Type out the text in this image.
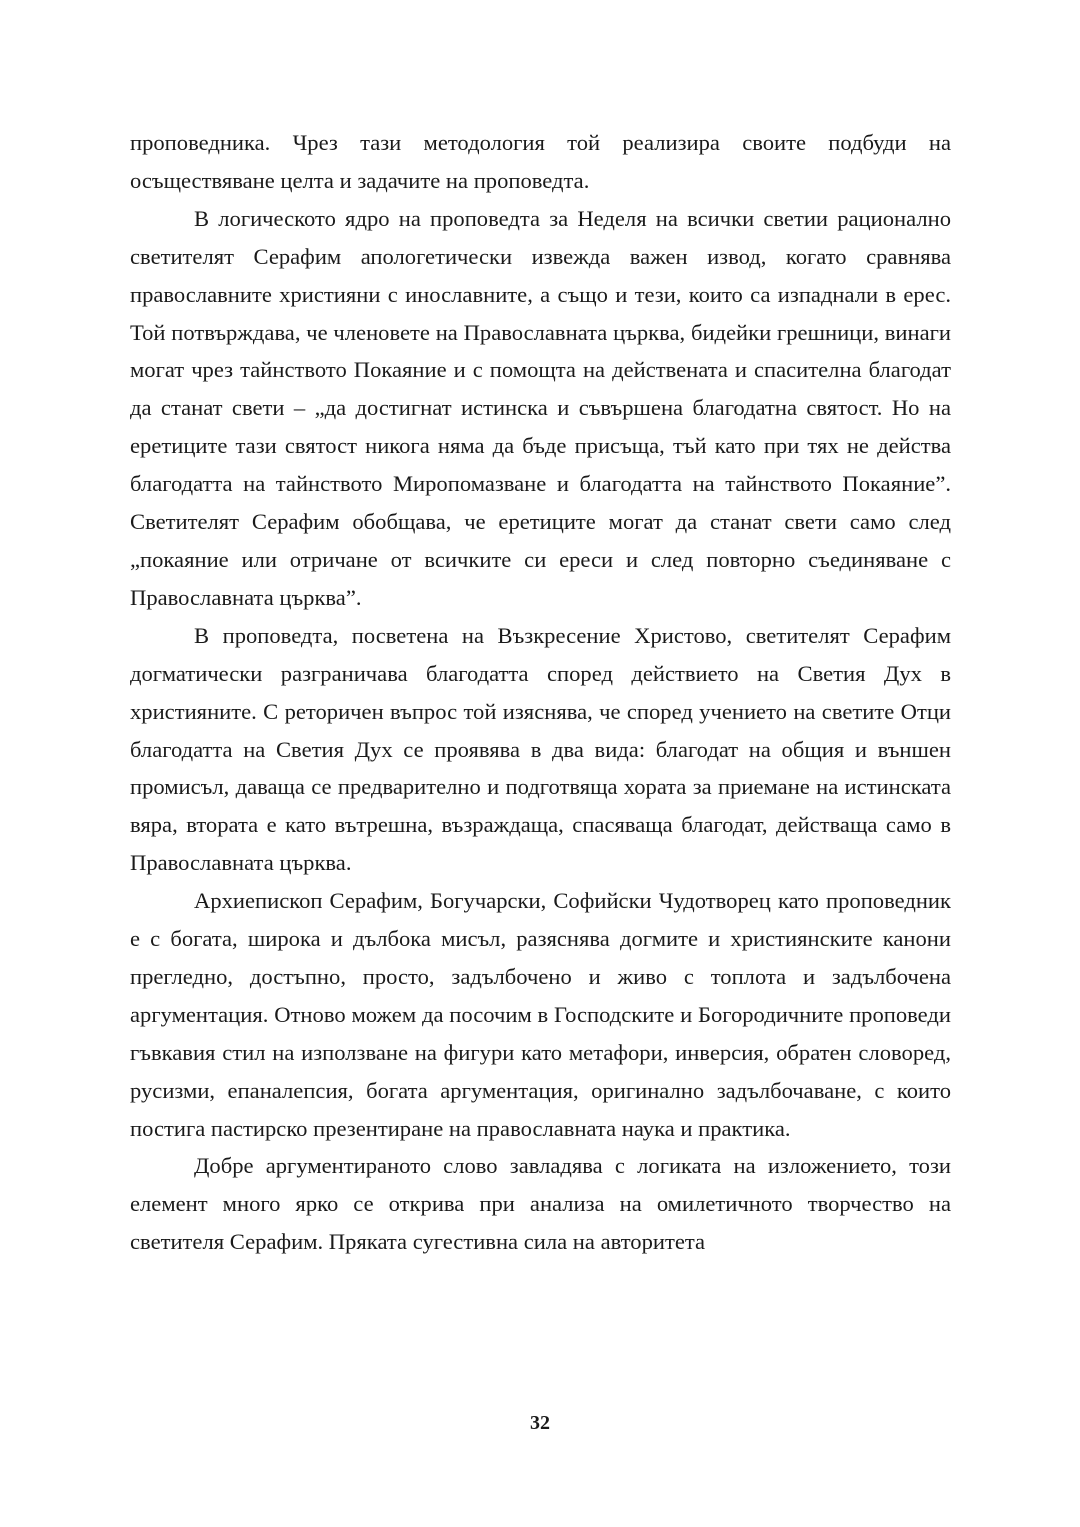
проповедника. Чрез тази методология той реализира своите подбуди на осъществяване целта и задачите на проповедта.

В логическото ядро на проповедта за Неделя на всички светии рационално светителят Серафим апологетически извежда важен извод, когато сравнява православните християни с инославните, а също и тези, които са изпаднали в ерес. Той потвърждава, че членовете на Православната църква, бидейки грешници, винаги могат чрез тайнството Покаяние и с помощта на действената и спасителна благодат да станат свети – „да достигнат истинска и съвършена благодатна святост. Но на еретиците тази святост никога няма да бъде присъща, тъй като при тях не действа благодатта на тайнството Миропомазване и благодатта на тайнството Покаяние”. Светителят Серафим обобщава, че еретиците могат да станат свети само след „покаяние или отричане от всичките си ереси и след повторно съединяване с Православната църква”.

В проповедта, посветена на Възкресение Христово, светителят Серафим догматически разграничава благодатта според действието на Светия Дух в християните. С реторичен въпрос той изяснява, че според учението на светите Отци благодатта на Светия Дух се проявява в два вида: благодат на общия и външен промисъл, даваща се предварително и подготвяща хората за приемане на истинската вяра, втората е като вътрешна, възраждаща, спасяваща благодат, действаща само в Православната църква.

Архиепископ Серафим, Богучарски, Софийски Чудотворец като проповедник е с богата, широка и дълбока мисъл, разяснява догмите и християнските канони прегледно, достъпно, просто, задълбочено и живо с топлота и задълбочена аргументация. Отново можем да посочим в Господските и Богородичните проповеди гъвкавия стил на използване на фигури като метафори, инверсия, обратен словоред, русизми, епаналепсия, богата аргументация, оригинално задълбочаване, с които постига пастирско презентиране на православната наука и практика.

Добре аргументираното слово завладява с логиката на изложението, този елемент много ярко се открива при анализа на омилетичното творчество на светителя Серафим. Пряката сугестивна сила на авторитета

32
